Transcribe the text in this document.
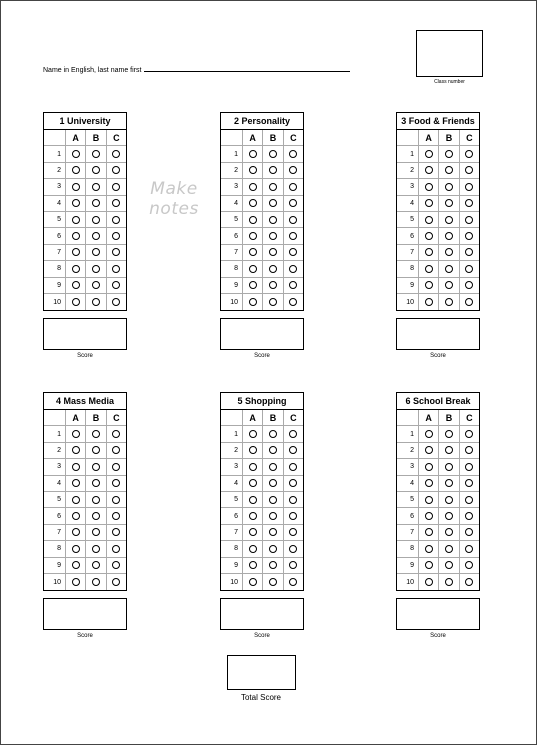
Name in English, last name first
Class number
Make
notes
1 University
A	B	C
1
2
3
4
5
6
7
8
9
10
Score
2 Personality
A	B	C
1
2
3
4
5
6
7
8
9
10
Score
3 Food & Friends
A	B	C
1
2
3
4
5
6
7
8
9
10
Score
4 Mass Media
A	B	C
1
2
3
4
5
6
7
8
9
10
Score
5 Shopping
A	B	C
1
2
3
4
5
6
7
8
9
10
Score
6 School Break
A	B	C
1
2
3
4
5
6
7
8
9
10
Score
Total Score
